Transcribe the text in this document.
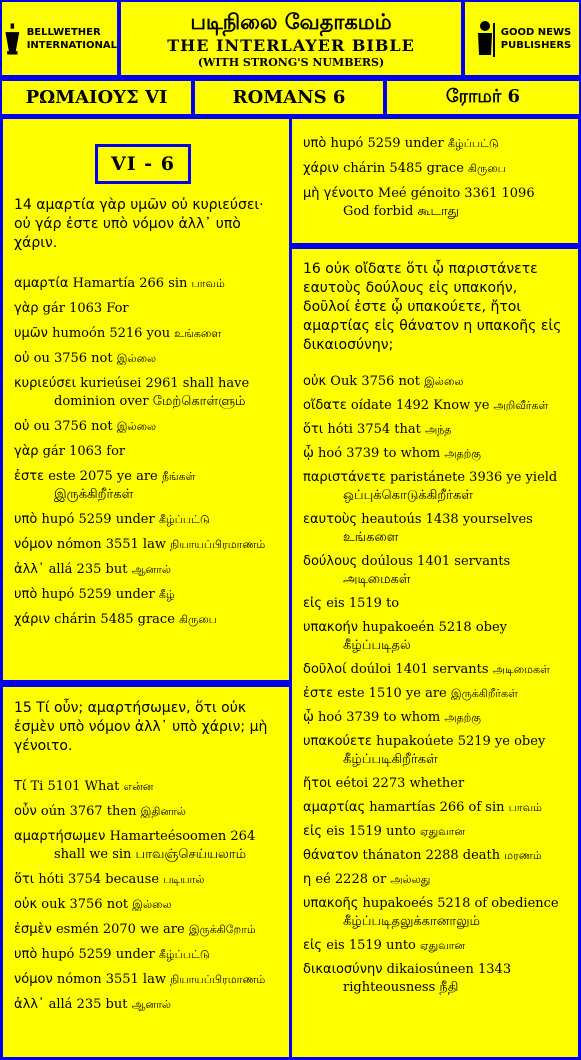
BELLWETHER
INTERNATIONAL
படிநிலை வேதாகமம்
THE INTERLAYER BIBLE
(WITH STRONG'S NUMBERS)
GOOD NEWS
PUBLISHERS
ΡΩΜΑΙΟΥΣ VI	ROMANS 6	ரோமர் 6

14 αμαρτία γὰρ υμῶν οὐ κυριεύσει· οὐ γάρ ἐστε υπὸ νόμον ἀλλ᾽ υπὸ χάριν.

αμαρτία Hamartía 266 sin பாவம்

γὰρ gár 1063 For

υμῶν humoón 5216 you உங்களை

οὐ ou 3756 not இல்லை

κυριεύσει kurieúsei 2961 shall have
dominion over மேற்கொள்ளும்

οὐ ou 3756 not இல்லை

γὰρ gár 1063 for

ἐστε este 2075 ye are நீங்கள்
இருக்கிறீர்கள்

υπὸ hupó 5259 under கீழ்ப்பட்டு

νόμον nómon 3551 law நியாயப்பிரமாணம்

ἀλλ᾽ allá 235 but ஆனால்

υπὸ hupó 5259 under கீழ்

χάριν chárin 5485 grace கிருபை

VI - 6

15 Τί οὖν; αμαρτήσωμεν, ὅτι οὐκ ἐσμὲν υπὸ νόμον ἀλλ᾽ υπὸ χάριν; μὴ γένοιτο.

Τί Ti 5101 What என்ன

οὖν oún 3767 then இதினால்

αμαρτήσωμεν Hamarteésoomen 264
shall we sin பாவஞ்செய்யலாம்

ὅτι hóti 3754 because படியால்

οὐκ ouk 3756 not இல்லை

ἐσμὲν esmén 2070 we are இருக்கிறோம்

υπὸ hupó 5259 under கீழ்ப்பட்டு

νόμον nómon 3551 law நியாயப்பிரமாணம்

ἀλλ᾽ allá 235 but ஆனால்

υπὸ hupó 5259 under கீழ்ப்பட்டு

χάριν chárin 5485 grace கிருபை

μὴ γένοιτο Meé génoito 3361 1096
God forbid கூடாது

16 οὐκ οἴδατε ὅτι ᾧ παριστάνετε εαυτοὺς δούλους εἰς υπακοήν, δοῦλοί ἐστε ᾧ υπακούετε, ἤτοι αμαρτίας εἰς θάνατον η υπακοῆς εἰς δικαιοσύνην;

οὐκ Ouk 3756 not இல்லை

οἴδατε oídate 1492 Know ye அறிவீர்கள்

ὅτι hóti 3754 that அந்த

ᾧ hoó 3739 to whom அதற்கு

παριστάνετε paristánete 3936 ye yield
ஒப்புக்கொடுக்கிறீர்கள்

εαυτοὺς heautoús 1438 yourselves
உங்களை

δούλους doúlous 1401 servants
அடிமைகள்

εἰς eis 1519 to

υπακοήν hupakoeén 5218 obey
கீழ்ப்படிதல்

δοῦλοί doúloi 1401 servants அடிமைகள்

ἐστε este 1510 ye are இருக்கிறீர்கள்

ᾧ hoó 3739 to whom அதற்கு

υπακούετε hupakoúete 5219 ye obey
கீழ்ப்படிகிறீர்கள்

ἤτοι eétoi 2273 whether

αμαρτίας hamartías 266 of sin பாவம்

εἰς eis 1519 unto ஏதுவான

θάνατον thánaton 2288 death மரணம்

η eé 2228 or அல்லது

υπακοῆς hupakoeés 5218 of obedience
கீழ்ப்படிதலுக்கானாலும்

εἰς eis 1519 unto ஏதுவான

δικαιοσύνην dikaiosúneen 1343
righteousness நீதி
